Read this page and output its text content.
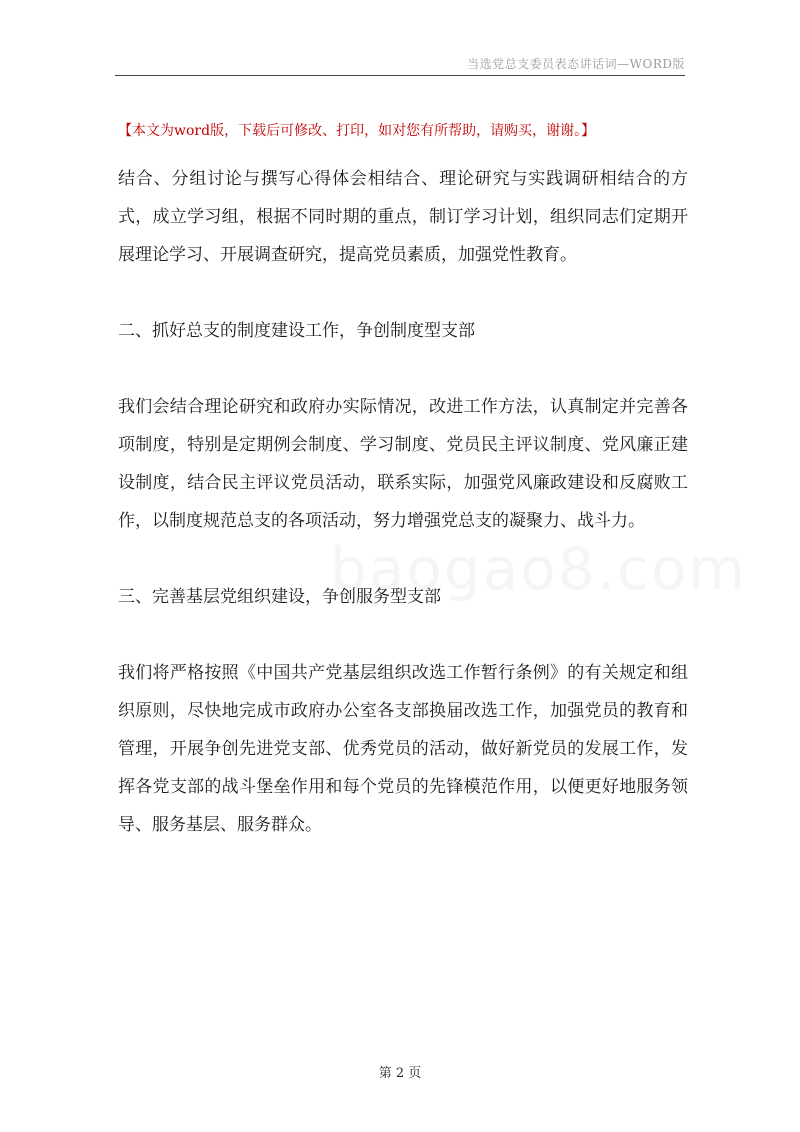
当选党总支委员表态讲话词—WORD版
【本文为word版，下载后可修改、打印，如对您有所帮助，请购买，谢谢。】
baogao8.com

结合、分组讨论与撰写心得体会相结合、理论研究与实践调研相结合的方式，成立学习组，根据不同时期的重点，制订学习计划，组织同志们定期开展理论学习、开展调查研究，提高党员素质，加强党性教育。

二、抓好总支的制度建设工作，争创制度型支部

我们会结合理论研究和政府办实际情况，改进工作方法，认真制定并完善各项制度，特别是定期例会制度、学习制度、党员民主评议制度、党风廉正建设制度，结合民主评议党员活动，联系实际，加强党风廉政建设和反腐败工作，以制度规范总支的各项活动，努力增强党总支的凝聚力、战斗力。

三、完善基层党组织建设，争创服务型支部

我们将严格按照《中国共产党基层组织改选工作暂行条例》的有关规定和组织原则，尽快地完成市政府办公室各支部换届改选工作，加强党员的教育和管理，开展争创先进党支部、优秀党员的活动，做好新党员的发展工作，发挥各党支部的战斗堡垒作用和每个党员的先锋模范作用，以便更好地服务领导、服务基层、服务群众。

第 2 页
